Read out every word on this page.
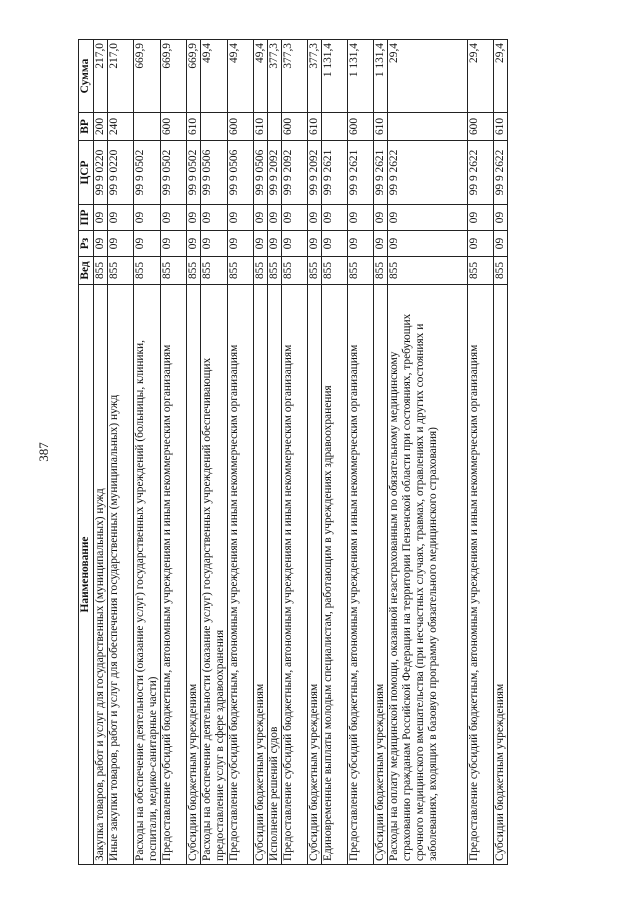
387
Наименование	Вед	Рз	ПР	ЦСР	ВР	Сумма
Закупка товаров, работ и услуг для государственных (муниципальных) нужд	855	09	09	99 9 0220	200	217,0
Иные закупки товаров, работ и услуг для обеспечения государственных (муниципальных) нужд	855	09	09	99 9 0220	240	217,0
Расходы на обеспечение деятельности (оказание услуг) государственных учреждений (больницы, клиники, госпитали, медико-санитарные части)	855	09	09	99 9 0502		669,9
Предоставление субсидий бюджетным, автономным учреждениям и иным некоммерческим организациям	855	09	09	99 9 0502	600	669,9
Субсидии бюджетным учреждениям	855	09	09	99 9 0502	610	669,9
Расходы на обеспечение деятельности (оказание услуг) государственных учреждений обеспечивающих предоставление услуг в сфере здравоохранения	855	09	09	99 9 0506		49,4
Предоставление субсидий бюджетным, автономным учреждениям и иным некоммерческим организациям	855	09	09	99 9 0506	600	49,4
Субсидии бюджетным учреждениям	855	09	09	99 9 0506	610	49,4
Исполнение решений судов	855	09	09	99 9 2092		377,3
Предоставление субсидий бюджетным, автономным учреждениям и иным некоммерческим организациям	855	09	09	99 9 2092	600	377,3
Субсидии бюджетным учреждениям	855	09	09	99 9 2092	610	377,3
Единовременные выплаты молодым специалистам, работающим в учреждениях здравоохранения	855	09	09	99 9 2621		1 131,4
Предоставление субсидий бюджетным, автономным учреждениям и иным некоммерческим организациям	855	09	09	99 9 2621	600	1 131,4
Субсидии бюджетным учреждениям	855	09	09	99 9 2621	610	1 131,4
Расходы на оплату медицинской помощи, оказанной незастрахованным по обязательному медицинскому страхованию гражданам Российской Федерации на территории Пензенской области при состояниях, требующих срочного медицинского вмешательства (при несчастных случаях, травмах, отравлениях и других состояниях и заболеваниях, входящих в базовую программу обязательного медицинского страхования)	855	09	09	99 9 2622		29,4
Предоставление субсидий бюджетным, автономным учреждениям и иным некоммерческим организациям	855	09	09	99 9 2622	600	29,4
Субсидии бюджетным учреждениям	855	09	09	99 9 2622	610	29,4
